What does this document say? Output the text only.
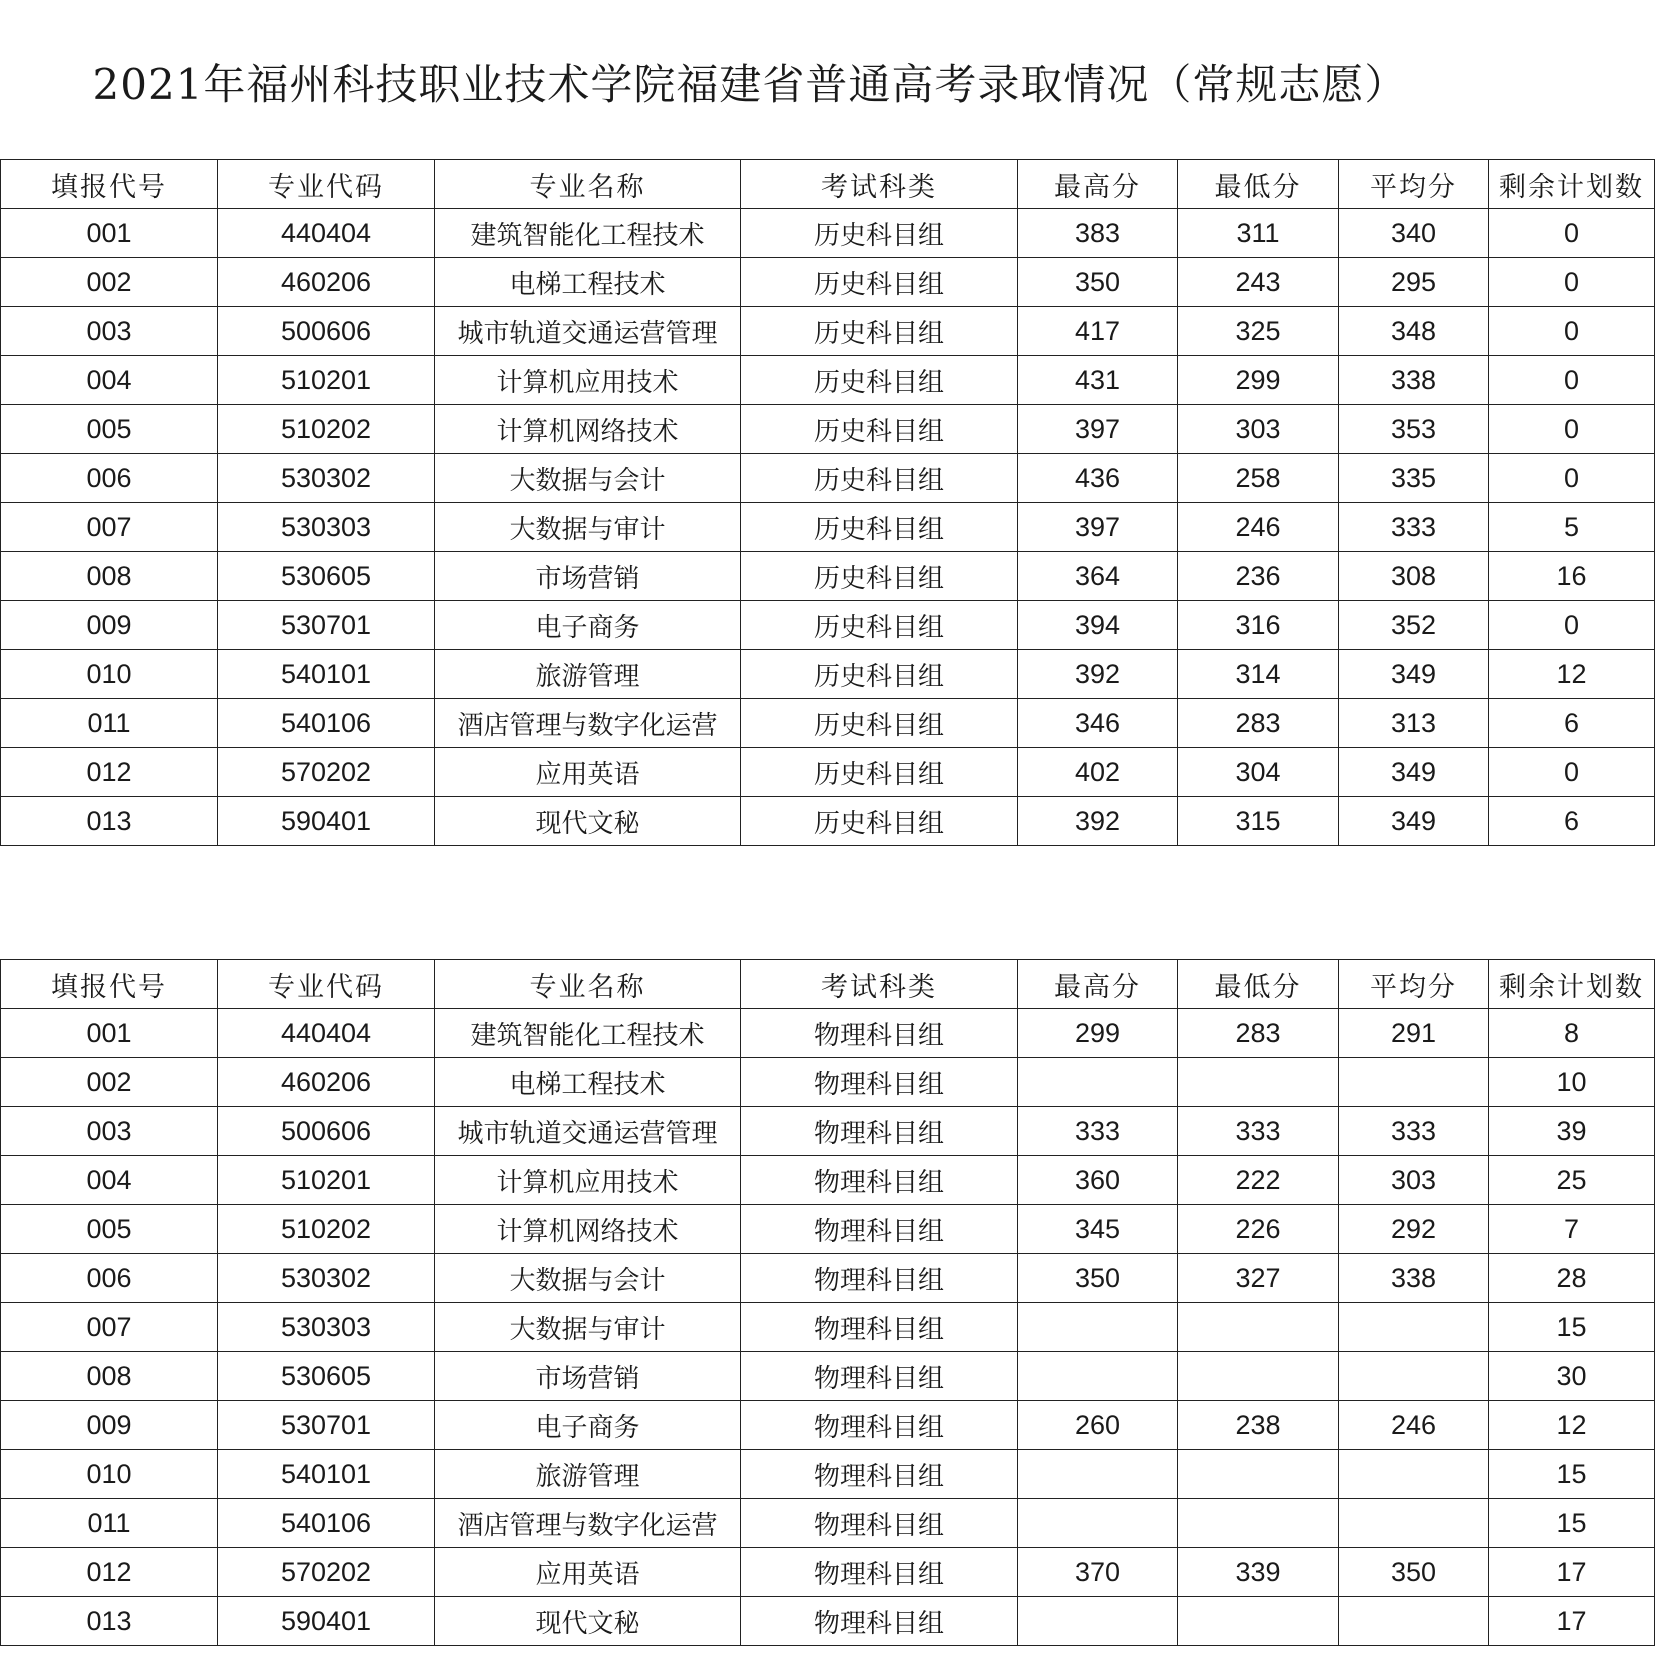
2021年福州科技职业技术学院福建省普通高考录取情况（常规志愿）
填报代号	专业代码	专业名称	考试科类	最高分	最低分	平均分	剩余计划数
001	440404	建筑智能化工程技术	历史科目组	383	311	340	0
002	460206	电梯工程技术	历史科目组	350	243	295	0
003	500606	城市轨道交通运营管理	历史科目组	417	325	348	0
004	510201	计算机应用技术	历史科目组	431	299	338	0
005	510202	计算机网络技术	历史科目组	397	303	353	0
006	530302	大数据与会计	历史科目组	436	258	335	0
007	530303	大数据与审计	历史科目组	397	246	333	5
008	530605	市场营销	历史科目组	364	236	308	16
009	530701	电子商务	历史科目组	394	316	352	0
010	540101	旅游管理	历史科目组	392	314	349	12
011	540106	酒店管理与数字化运营	历史科目组	346	283	313	6
012	570202	应用英语	历史科目组	402	304	349	0
013	590401	现代文秘	历史科目组	392	315	349	6
填报代号	专业代码	专业名称	考试科类	最高分	最低分	平均分	剩余计划数
001	440404	建筑智能化工程技术	物理科目组	299	283	291	8
002	460206	电梯工程技术	物理科目组				10
003	500606	城市轨道交通运营管理	物理科目组	333	333	333	39
004	510201	计算机应用技术	物理科目组	360	222	303	25
005	510202	计算机网络技术	物理科目组	345	226	292	7
006	530302	大数据与会计	物理科目组	350	327	338	28
007	530303	大数据与审计	物理科目组				15
008	530605	市场营销	物理科目组				30
009	530701	电子商务	物理科目组	260	238	246	12
010	540101	旅游管理	物理科目组				15
011	540106	酒店管理与数字化运营	物理科目组				15
012	570202	应用英语	物理科目组	370	339	350	17
013	590401	现代文秘	物理科目组				17
